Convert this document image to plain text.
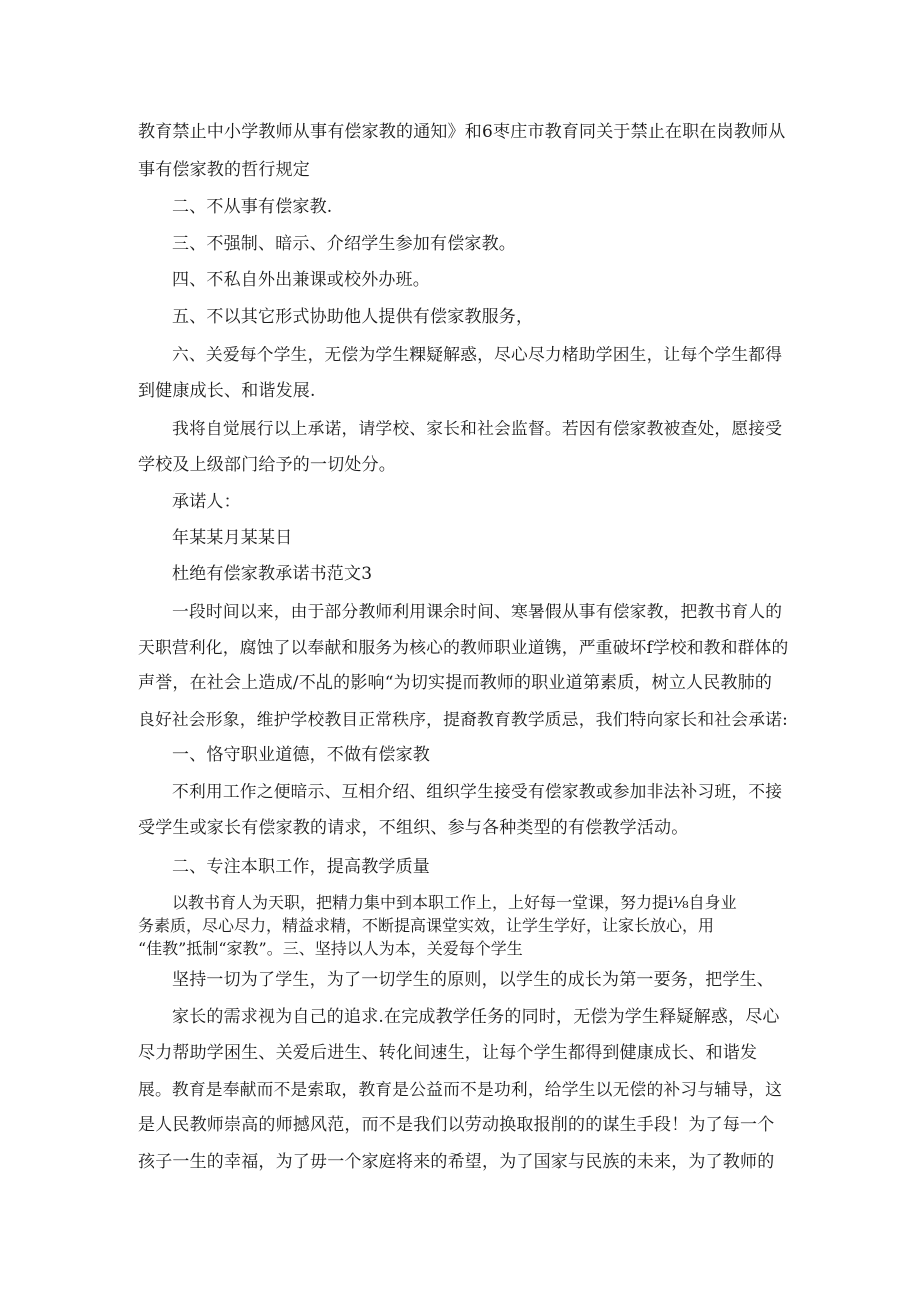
教育禁止中小学教师从事有偿家教的通知》和6枣庄市教育同关于禁止在职在岗教师从
事有偿家教的哲行规定
二、不从事有偿家教.
三、不强制、暗示、介绍学生参加有偿家教。
四、不私自外出兼课或校外办班。
五、不以其它形式协助他人提供有偿家教服务，
六、关爱每个学生，无偿为学生粿疑解惑，尽心尽力楮助学困生，让每个学生都得
到健康成长、和谐发展.
我将自觉展行以上承诺，请学校、家长和社会监督。若因有偿家教被查处，愿接受
学校及上级部门给予的一切处分。
承诺人：
年某某月某某日
杜绝有偿家教承诺书范文3
一段时间以来，由于部分教师利用课余时间、寒暑假从事有偿家教，把教书育人的
天职营利化，腐蚀了以奉献和服务为核心的教师职业道镌，严重破坏f学校和教和群体的
声誉，在社会上造成/不乩的影响“为切实提而教师的职业道第素质，树立人民教肺的
良好社会形象，维护学校教目正常秩序，提裔教育教学质忌，我们特向家长和社会承诺:
一、恪守职业道德，不做有偿家教
不利用工作之便暗示、互相介绍、组织学生接受有偿家教或参加非法补习班，不接
受学生或家长有偿家教的请求，不组织、参与各种类型的有偿教学活动。
二、专注本职工作，提高教学质量
以教书育人为天职，把精力集中到本职工作上，上好每一堂课，努力提i⅛自身业
务素质，尽心尽力，精益求精，不断提高课堂实效，让学生学好，让家长放心，用
“佳教”抵制“家教”。三、坚持以人为本，关爱每个学生
坚持一切为了学生，为了一切学生的原则，以学生的成长为第一要务，把学生、
家长的需求视为自己的追求.在完成教学任务的同时，无偿为学生释疑解惑，尽心
尽力帮助学困生、关爱后进生、转化间速生，让每个学生都得到健康成长、和谐发
展。教育是奉献而不是索取，教育是公益而不是功利，给学生以无偿的补习与辅导，这
是人民教师崇高的师撼风范，而不是我们以劳动换取报削的的谋生手段！为了每一个
孩子一生的幸福，为了毋一个家庭将来的希望，为了国家与民族的未来，为了教师的
